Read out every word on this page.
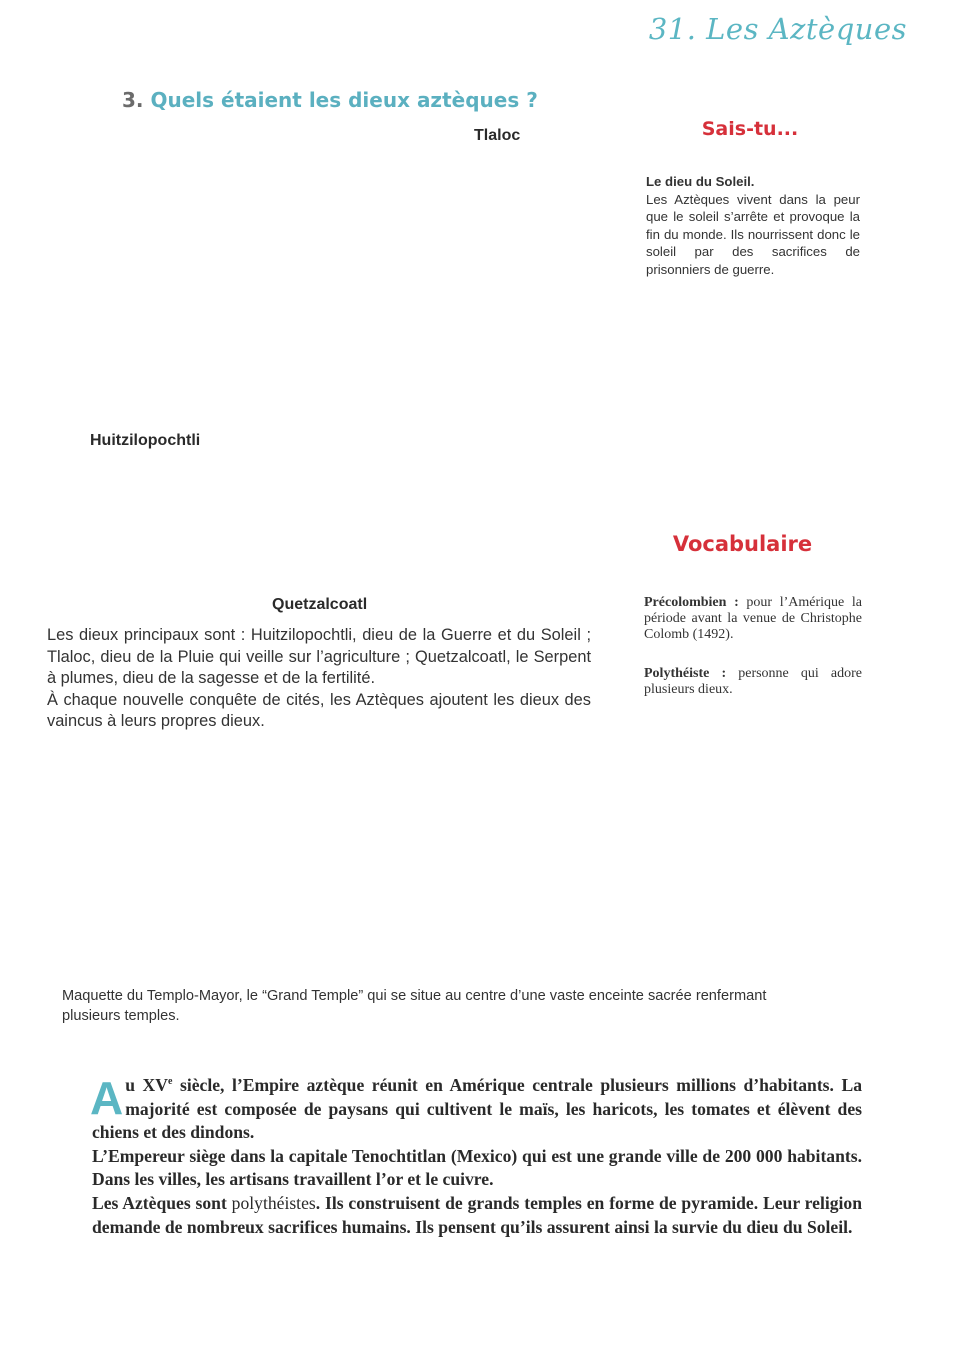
31. Les Aztèques
3. Quels étaient les dieux aztèques ?
Tlaloc
Huitzilopochtli
Quetzalcoatl
Sais-tu...
Le dieu du Soleil.
Les Aztèques vivent dans la peur que le soleil s’arrête et provoque la fin du monde. Ils nourrissent donc le soleil par des sacrifices de prisonniers de guerre.
Vocabulaire
Précolombien : pour l’Amérique la période avant la venue de Christophe Colomb (1492).
Polythéiste : personne qui adore plusieurs dieux.

Les dieux principaux sont : Huitzilopochtli, dieu de la Guerre et du Soleil ; Tlaloc, dieu de la Pluie qui veille sur l’agriculture ; Quetzalcoatl, le Serpent à plumes, dieu de la sagesse et de la fertilité.

À chaque nouvelle conquête de cités, les Aztèques ajoutent les dieux des vaincus à leurs propres dieux.

Maquette du Templo-Mayor, le “Grand Temple” qui se situe au centre d’une vaste enceinte sacrée renfermant plusieurs temples.

Au XVe siècle, l’Empire aztèque réunit en Amérique centrale plusieurs millions d’habitants. La majorité est composée de paysans qui cultivent le maïs, les haricots, les tomates et élèvent des chiens et des dindons.

L’Empereur siège dans la capitale Tenochtitlan (Mexico) qui est une grande ville de 200 000 habitants. Dans les villes, les artisans travaillent l’or et le cuivre.

Les Aztèques sont polythéistes. Ils construisent de grands temples en forme de pyramide. Leur religion demande de nombreux sacrifices humains. Ils pensent qu’ils assurent ainsi la survie du dieu du Soleil.
